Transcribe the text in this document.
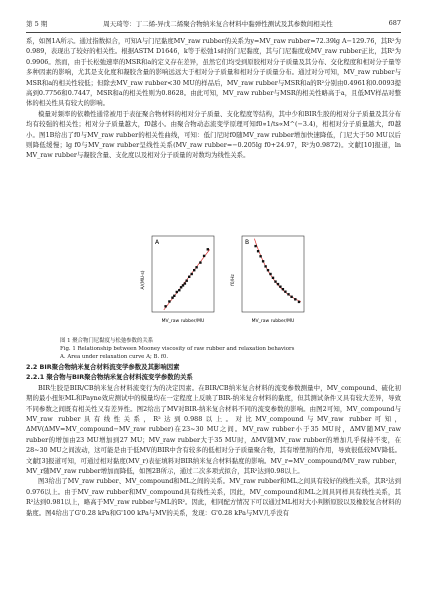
第 5 期	周天琦等：丁二烯-异戊二烯聚合物纳米复合材料中黏弹性测试及其参数间相关性	687

系，如图1A所示。通过指数拟合，可知A与门尼黏度MV_raw rubber的关系为y=MV_raw rubber=72.39lg A−129.76，其R²为0.989，表现出了较好的相关性。根据ASTM D1646，k等于松弛1s时的门尼黏度，其与门尼黏度成MV_raw rubber正比，其R²为0.9906。然而，由于长松弛速率的MSR和a的定义存在差异，虽然它们均受到原胶相对分子质量及其分布、交化程度和相对分子量等多种因素的影响，尤其是支化度和凝胶含量的影响远远大于相对分子质量和相对分子质量分布。通过对分可知，MV_raw rubber与MSR和a的相关性较低；但除去MV_raw rubber<30 MU的样品后，MV_raw rubber与MSR和a的R²分别由0.4961和0.0093提高到0.7756和0.7447，MSR和a的相关性则为0.8628。由此可知，MV_raw rubber与MSR的相关性略高于a，且低MV样品对整体的相关性具有较大的影响。

模量对频率的依赖性通常被用于表征聚合物材料的相对分子质量、支化程度等结构，其中少和BIR生胶的相对分子质量及其分布均有较强的相关性；相对分子质量越大，f0越小。由聚合物动态流变学原理可知f0∝1/ts∝M^(−3.4)，相相对分子质量越大，f0越小。图1B给出了f0与MV_raw rubber的相关性曲线，可知：低门尼时f0随MV_raw rubber增加快速降低，门尼大于50 MU以后则降低缓慢；lg f0与MV_raw rubber呈线性关系(MV_raw rubber=−0.205lg f0+24.97，R²为0.9872)。文献[10]报道，ln MV_raw rubber与凝胶含量、支化度以及相对分子质量的对数均为线性关系。

A
A/(MU·s)
MV_raw rubber/MU
B
f0/Hz
MV_raw rubber/MU
图 1 聚合物门尼黏度与松弛参数的关系
Fig. 1 Relationship between Mooney viscosity of raw rubber and relaxation behaviors
A. Area under relaxation curve A; B. f0.

2.2 BIR聚合物纳米复合材料流变学参数及其影响因素

2.2.1 聚合物与BIR聚合物纳米复合材料流变学参数的关系

BIR生胶是BIR/CB纳米复合材料流变行为的决定因素。在BIR/CB纳米复合材料的流变参数测量中，MV_compound、硫化初期的最小扭矩ML和Payne效应测试中的模量均在一定程度上反映了BIR-纳米复合材料的黏度，但其测试条件又具有较大差异，导致不同参数之间既有相关性又有差异性。图2给出了MV对BIR-纳米复合材料不同的流变参数的影响。由图2可知，MV_compound与MV_raw rubber具有线性关系，R²达到0.988以上。对比MV_compound与MV_raw rubber可知，ΔMV(ΔMV=MV_compound−MV_raw rubber)在23~30 MU之间。MV_raw rubber小于35 MU时，ΔMV随MV_raw rubber的增加由23 MU增加到27 MU；MV_raw rubber大于35 MU时，ΔMV随MV_raw rubber的增加几乎保持不变，在28~30 MU之间波动，这可能是由于低MV的BIR中含有较多的低相对分子质量聚合物，其有增塑剂的作用，导致很低较MV降低。文献[3]报道可知，可通过相对黏度(MV_r)表征填料对BIR纳米复合材料黏度的影响。MV_r=MV_compound/MV_raw rubber，MV_r随MV_raw rubber增加而降低，如图2B所示，通过二次多项式拟合，其R²达到0.98以上。

图3给出了MV_raw rubber、MV_compound和ML之间的关系。MV_raw rubber和ML之间具有较好的线性关系，其R²达到0.976以上。由于MV_raw rubber和MV_compound具有线性关系，因此，MV_compound和ML之间具同样具有线性关系，其R²达到0.981以上，略高于MV_raw rubber与ML的R²。因此，相同配方情况下可以通过ML相对大小判断原胶以及橡胶复合材料的黏度。图4给出了G'0.28 kPa和G'100 kPa与MV的关系，发现：G'0.28 kPa与MV几乎没有
